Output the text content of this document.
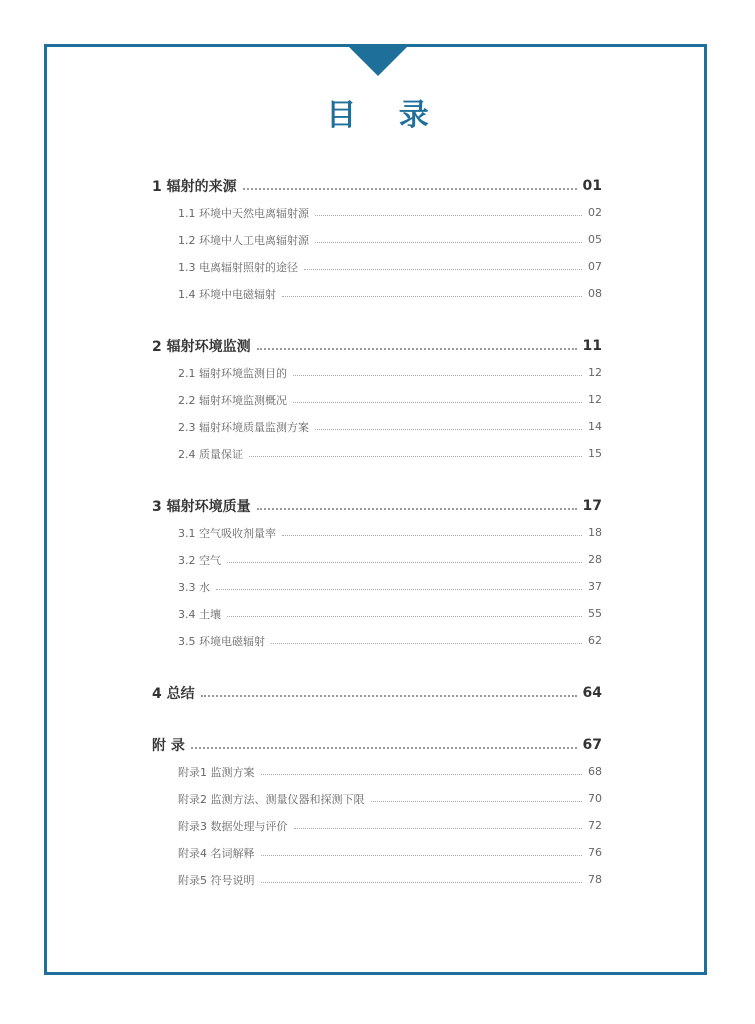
目 录
1 辐射的来源	01
1.1 环境中天然电离辐射源	02
1.2 环境中人工电离辐射源	05
1.3 电离辐射照射的途径	07
1.4 环境中电磁辐射	08
2 辐射环境监测	11
2.1 辐射环境监测目的	12
2.2 辐射环境监测概况	12
2.3 辐射环境质量监测方案	14
2.4 质量保证	15
3 辐射环境质量	17
3.1 空气吸收剂量率	18
3.2 空气	28
3.3 水	37
3.4 土壤	55
3.5 环境电磁辐射	62
4 总结	64
附 录	67
附录1 监测方案	68
附录2 监测方法、测量仪器和探测下限	70
附录3 数据处理与评价	72
附录4 名词解释	76
附录5 符号说明	78
